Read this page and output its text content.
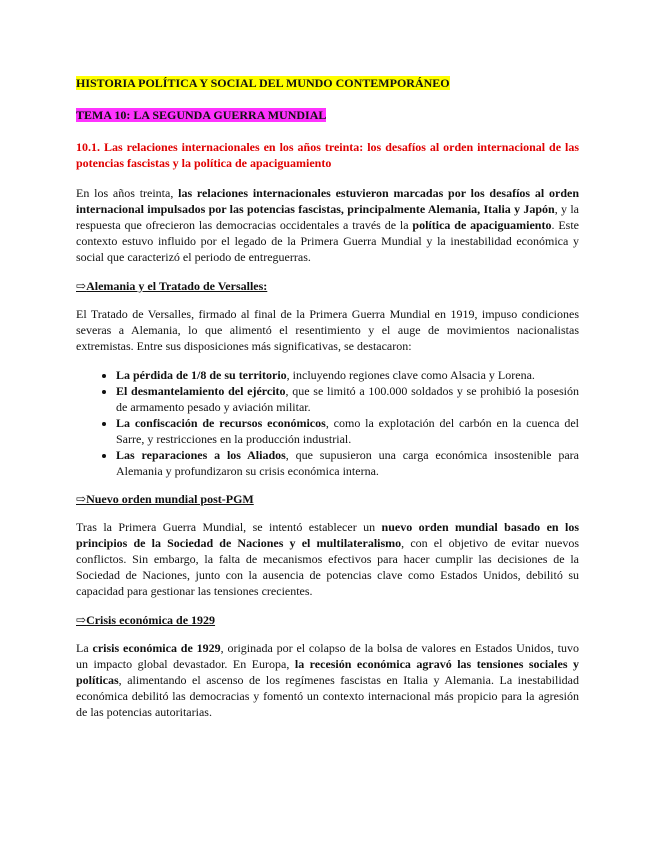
HISTORIA POLÍTICA Y SOCIAL DEL MUNDO CONTEMPORÁNEO
TEMA 10: LA SEGUNDA GUERRA MUNDIAL
10.1. Las relaciones internacionales en los años treinta: los desafíos al orden internacional de las potencias fascistas y la política de apaciguamiento

En los años treinta, las relaciones internacionales estuvieron marcadas por los desafíos al orden internacional impulsados por las potencias fascistas, principalmente Alemania, Italia y Japón, y la respuesta que ofrecieron las democracias occidentales a través de la política de apaciguamiento. Este contexto estuvo influido por el legado de la Primera Guerra Mundial y la inestabilidad económica y social que caracterizó el periodo de entreguerras.

⇨Alemania y el Tratado de Versalles:

El Tratado de Versalles, firmado al final de la Primera Guerra Mundial en 1919, impuso condiciones severas a Alemania, lo que alimentó el resentimiento y el auge de movimientos nacionalistas extremistas. Entre sus disposiciones más significativas, se destacaron:

• La pérdida de 1/8 de su territorio, incluyendo regiones clave como Alsacia y Lorena.
• El desmantelamiento del ejército, que se limitó a 100.000 soldados y se prohibió la posesión de armamento pesado y aviación militar.
• La confiscación de recursos económicos, como la explotación del carbón en la cuenca del Sarre, y restricciones en la producción industrial.
• Las reparaciones a los Aliados, que supusieron una carga económica insostenible para Alemania y profundizaron su crisis económica interna.
⇨Nuevo orden mundial post-PGM

Tras la Primera Guerra Mundial, se intentó establecer un nuevo orden mundial basado en los principios de la Sociedad de Naciones y el multilateralismo, con el objetivo de evitar nuevos conflictos. Sin embargo, la falta de mecanismos efectivos para hacer cumplir las decisiones de la Sociedad de Naciones, junto con la ausencia de potencias clave como Estados Unidos, debilitó su capacidad para gestionar las tensiones crecientes.

⇨Crisis económica de 1929

La crisis económica de 1929, originada por el colapso de la bolsa de valores en Estados Unidos, tuvo un impacto global devastador. En Europa, la recesión económica agravó las tensiones sociales y políticas, alimentando el ascenso de los regímenes fascistas en Italia y Alemania. La inestabilidad económica debilitó las democracias y fomentó un contexto internacional más propicio para la agresión de las potencias autoritarias.
